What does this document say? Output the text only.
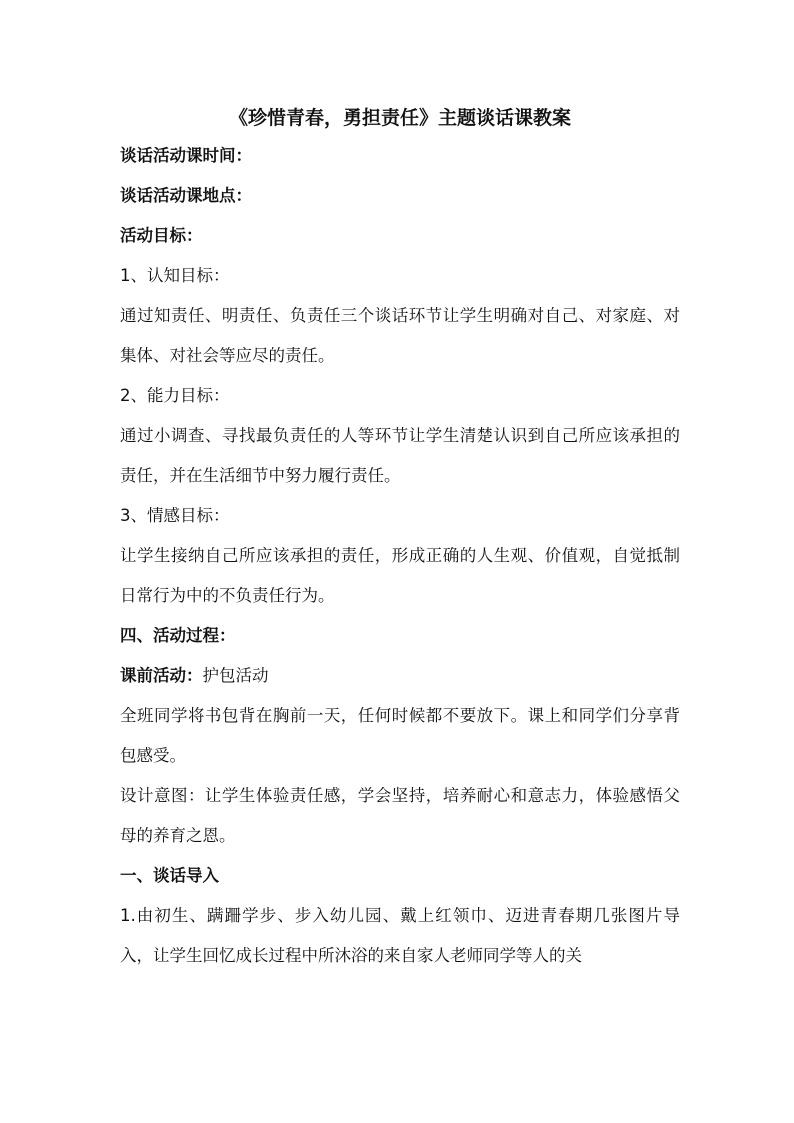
《珍惜青春，勇担责任》主题谈话课教案
谈话活动课时间：
谈话活动课地点：
活动目标：
1、认知目标：

通过知责任、明责任、负责任三个谈话环节让学生明确对自己、对家庭、对集体、对社会等应尽的责任。

2、能力目标：

通过小调查、寻找最负责任的人等环节让学生清楚认识到自己所应该承担的责任，并在生活细节中努力履行责任。

3、情感目标：

让学生接纳自己所应该承担的责任，形成正确的人生观、价值观，自觉抵制日常行为中的不负责任行为。

四、活动过程：
课前活动：护包活动

全班同学将书包背在胸前一天，任何时候都不要放下。课上和同学们分享背包感受。

设计意图：让学生体验责任感，学会坚持，培养耐心和意志力，体验感悟父母的养育之恩。

一、谈话导入

1.由初生、蹒跚学步、步入幼儿园、戴上红领巾、迈进青春期几张图片导入，让学生回忆成长过程中所沐浴的来自家人老师同学等人的关
